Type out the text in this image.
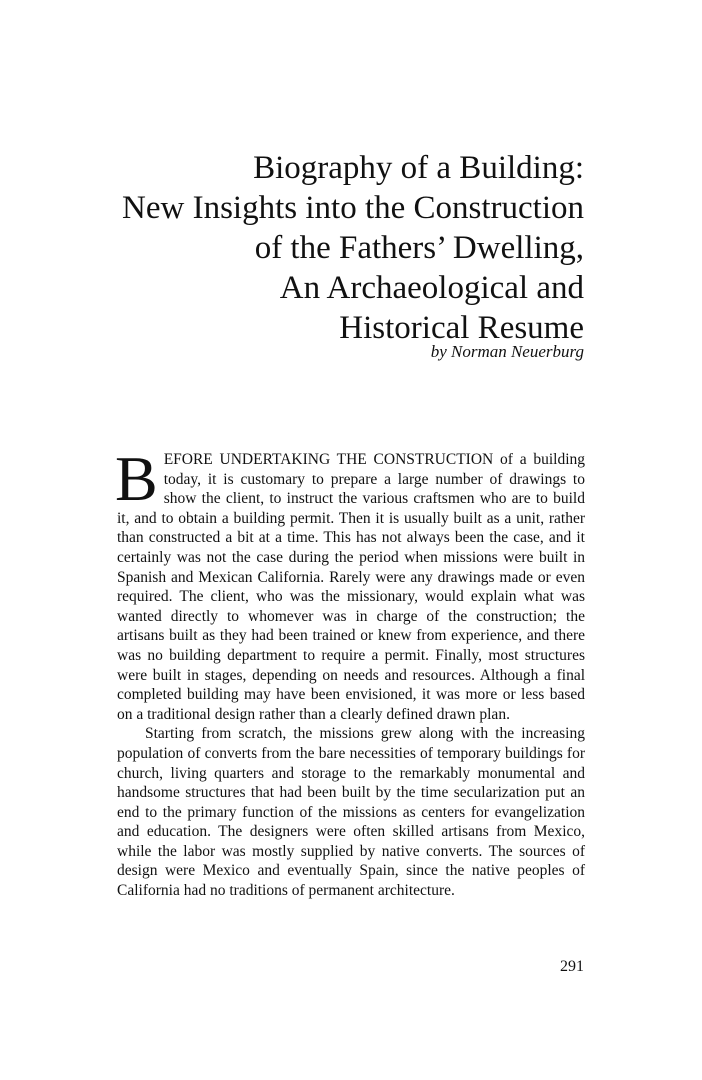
Biography of a Building:
New Insights into the Construction
of the Fathers’ Dwelling,
An Archaeological and
Historical Resume
by Norman Neuerburg

BEFORE UNDERTAKING THE CONSTRUCTION of a building today, it is customary to prepare a large number of drawings to show the client, to instruct the various craftsmen who are to build it, and to obtain a building permit. Then it is usually built as a unit, rather than constructed a bit at a time. This has not always been the case, and it certainly was not the case during the period when missions were built in Spanish and Mexican California. Rarely were any drawings made or even required. The client, who was the missionary, would explain what was wanted directly to whomever was in charge of the construction; the artisans built as they had been trained or knew from experience, and there was no building department to require a permit. Finally, most structures were built in stages, depending on needs and resources. Although a final completed building may have been envisioned, it was more or less based on a traditional design rather than a clearly defined drawn plan.

Starting from scratch, the missions grew along with the increasing population of converts from the bare necessities of temporary buildings for church, living quarters and storage to the remarkably monumental and handsome structures that had been built by the time secularization put an end to the primary function of the missions as centers for evangelization and education. The designers were often skilled artisans from Mexico, while the labor was mostly supplied by native converts. The sources of design were Mexico and eventually Spain, since the native peoples of California had no traditions of permanent architecture.

291
